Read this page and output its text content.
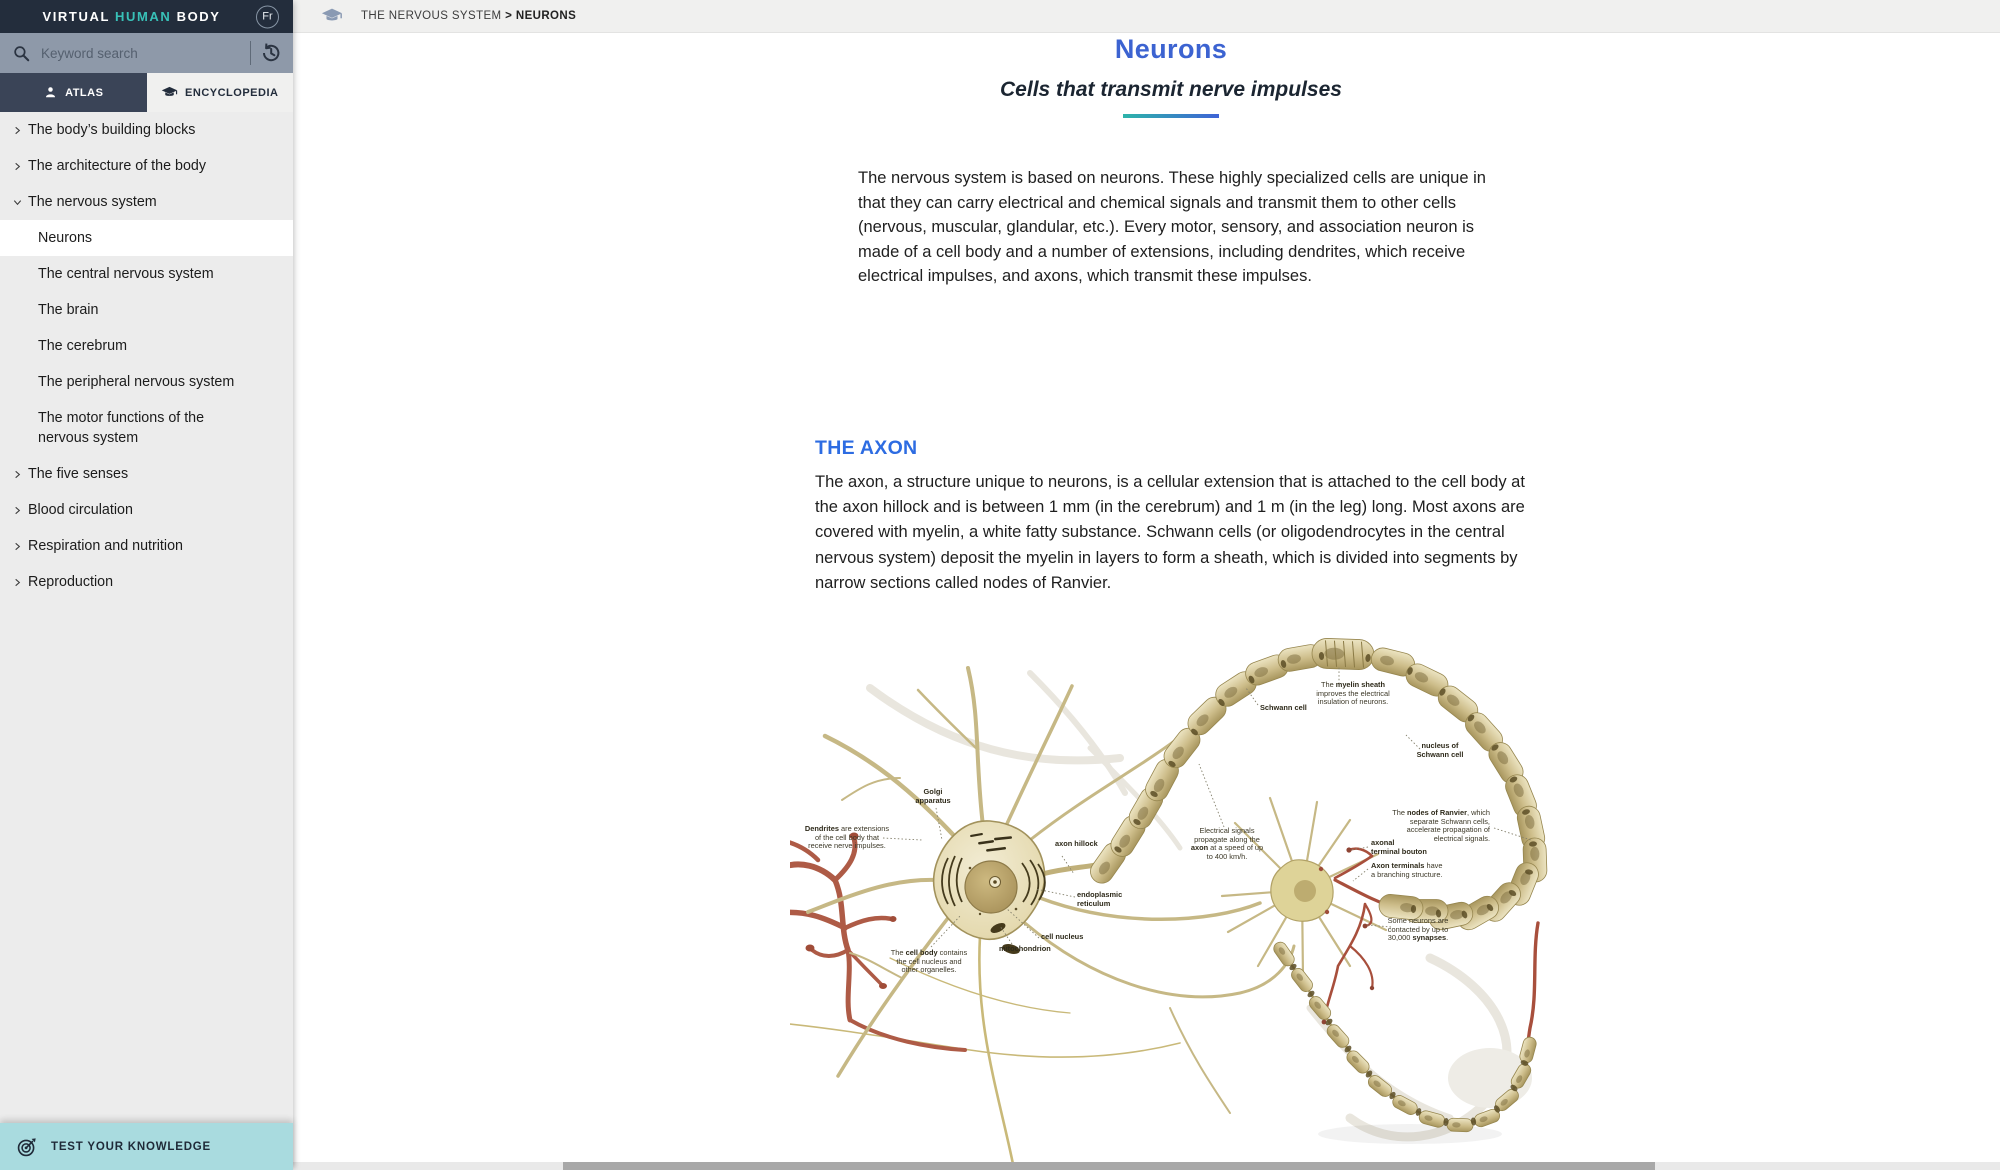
VIRTUAL HUMAN BODY	Fr
Keyword search
ATLAS	ENCYCLOPEDIA
The body’s building blocks
The architecture of the body
The nervous system
Neurons
The central nervous system
The brain
The cerebrum
The peripheral nervous system
The motor functions of the nervous system
The five senses
Blood circulation
Respiration and nutrition
Reproduction
TEST YOUR KNOWLEDGE
THE NERVOUS SYSTEM > NEURONS
Neurons
Cells that transmit nerve impulses

The nervous system is based on neurons. These highly specialized cells are unique in that they can carry electrical and chemical signals and transmit them to other cells (nervous, muscular, glandular, etc.). Every motor, sensory, and association neuron is made of a cell body and a number of extensions, including dendrites, which receive electrical impulses, and axons, which transmit these impulses.

THE AXON

The axon, a structure unique to neurons, is a cellular extension that is attached to the cell body at the axon hillock and is between 1 mm (in the cerebrum) and 1 m (in the leg) long. Most axons are covered with myelin, a white fatty substance. Schwann cells (or oligodendrocytes in the central nervous system) deposit the myelin in layers to form a sheath, which is divided into segments by narrow sections called nodes of Ranvier.

The myelin sheath
improves the electrical
insulation of neurons.
Schwann cell
nucleus of
Schwann cell
Golgi
apparatus
Dendrites are extensions
of the cell body that
receive nerve impulses.	axon hillock
Electrical signals
propagate along the
axon at a speed of up
to 400 km/h.
The nodes of Ranvier, which
separate Schwann cells,
accelerate propagation of
electrical signals.
endoplasmic
reticulum
axonal
terminal bouton
Axon terminals have
a branching structure.
cell nucleus
mitochondrion
The cell body contains
the cell nucleus and
other organelles.
Some neurons are
contacted by up to
30,000 synapses.
